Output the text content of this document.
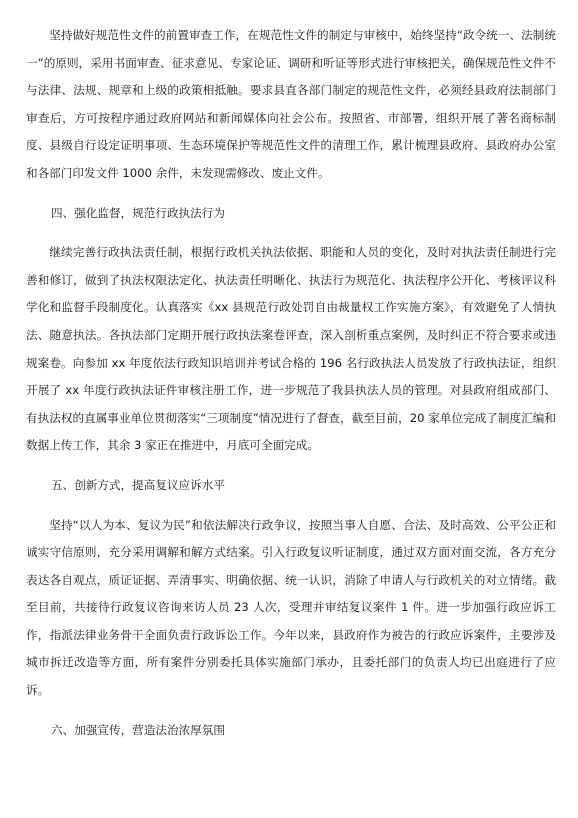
坚持做好规范性文件的前置审查工作，在规范性文件的制定与审核中，始终坚持“政令统一、法制统一”的原则，采用书面审查、征求意见、专家论证、调研和听证等形式进行审核把关，确保规范性文件不与法律、法规、规章和上级的政策相抵触。要求县直各部门制定的规范性文件，必须经县政府法制部门审查后，方可按程序通过政府网站和新闻媒体向社会公布。按照省、市部署，组织开展了著名商标制度、县级自行设定证明事项、生态环境保护等规范性文件的清理工作，累计梳理县政府、县政府办公室和各部门印发文件 1000 余件，未发现需修改、废止文件。

四、强化监督，规范行政执法行为

继续完善行政执法责任制，根据行政机关执法依据、职能和人员的变化，及时对执法责任制进行完善和修订，做到了执法权限法定化、执法责任明晰化、执法行为规范化、执法程序公开化、考核评议科学化和监督手段制度化。认真落实《xx 县规范行政处罚自由裁量权工作实施方案》，有效避免了人情执法、随意执法。各执法部门定期开展行政执法案卷评查，深入剖析重点案例，及时纠正不符合要求或违规案卷。向参加 xx 年度依法行政知识培训并考试合格的 196 名行政执法人员发放了行政执法证，组织开展了 xx 年度行政执法证件审核注册工作，进一步规范了我县执法人员的管理。对县政府组成部门、有执法权的直属事业单位贯彻落实“三项制度”情况进行了督查，截至目前，20 家单位完成了制度汇编和数据上传工作，其余 3 家正在推进中，月底可全面完成。

五、创新方式，提高复议应诉水平

坚持“以人为本、复议为民”和依法解决行政争议，按照当事人自愿、合法、及时高效、公平公正和诚实守信原则，充分采用调解和解方式结案。引入行政复议听证制度，通过双方面对面交流，各方充分表达各自观点，质证证据、弄清事实、明确依据、统一认识，消除了申请人与行政机关的对立情绪。截至目前，共接待行政复议咨询来访人员 23 人次，受理并审结复议案件 1 件。进一步加强行政应诉工作，指派法律业务骨干全面负责行政诉讼工作。今年以来，县政府作为被告的行政应诉案件，主要涉及城市拆迁改造等方面，所有案件分别委托具体实施部门承办，且委托部门的负责人均已出庭进行了应诉。

六、加强宣传，营造法治浓厚氛围
